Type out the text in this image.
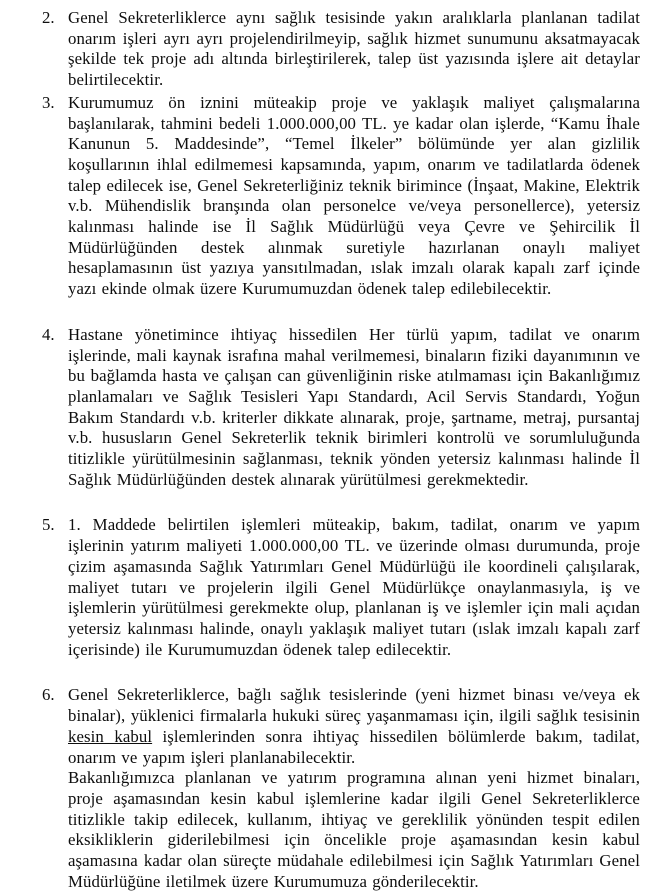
2. Genel Sekreterliklerce aynı sağlık tesisinde yakın aralıklarla planlanan tadilat onarım işleri ayrı ayrı projelendirilmeyip, sağlık hizmet sunumunu aksatmayacak şekilde tek proje adı altında birleştirilerek, talep üst yazısında işlere ait detaylar belirtilecektir.
3. Kurumumuz ön iznini müteakip proje ve yaklaşık maliyet çalışmalarına başlanılarak, tahmini bedeli 1.000.000,00 TL. ye kadar olan işlerde, “Kamu İhale Kanunun 5. Maddesinde”, “Temel İlkeler” bölümünde yer alan gizlilik koşullarının ihlal edilmemesi kapsamında, yapım, onarım ve tadilatlarda ödenek talep edilecek ise, Genel Sekreterliğiniz teknik birimince (İnşaat, Makine, Elektrik v.b. Mühendislik branşında olan personelce ve/veya personellerce), yetersiz kalınması halinde ise İl Sağlık Müdürlüğü veya Çevre ve Şehircilik İl Müdürlüğünden destek alınmak suretiyle hazırlanan onaylı maliyet hesaplamasının üst yazıya yansıtılmadan, ıslak imzalı olarak kapalı zarf içinde yazı ekinde olmak üzere Kurumumuzdan ödenek talep edilebilecektir.
4. Hastane yönetimince ihtiyaç hissedilen Her türlü yapım, tadilat ve onarım işlerinde, mali kaynak israfına mahal verilmemesi, binaların fiziki dayanımının ve bu bağlamda hasta ve çalışan can güvenliğinin riske atılmaması için Bakanlığımız planlamaları ve Sağlık Tesisleri Yapı Standardı, Acil Servis Standardı, Yoğun Bakım Standardı v.b. kriterler dikkate alınarak, proje, şartname, metraj, pursantaj v.b. hususların Genel Sekreterlik teknik birimleri kontrolü ve sorumluluğunda titizlikle yürütülmesinin sağlanması, teknik yönden yetersiz kalınması halinde İl Sağlık Müdürlüğünden destek alınarak yürütülmesi gerekmektedir.
5. 1. Maddede belirtilen işlemleri müteakip, bakım, tadilat, onarım ve yapım işlerinin yatırım maliyeti 1.000.000,00 TL. ve üzerinde olması durumunda, proje çizim aşamasında Sağlık Yatırımları Genel Müdürlüğü ile koordineli çalışılarak, maliyet tutarı ve projelerin ilgili Genel Müdürlükçe onaylanmasıyla, iş ve işlemlerin yürütülmesi gerekmekte olup, planlanan iş ve işlemler için mali açıdan yetersiz kalınması halinde, onaylı yaklaşık maliyet tutarı (ıslak imzalı kapalı zarf içerisinde) ile Kurumumuzdan ödenek talep edilecektir.
6. Genel Sekreterliklerce, bağlı sağlık tesislerinde (yeni hizmet binası ve/veya ek binalar), yüklenici firmalarla hukuki süreç yaşanmaması için, ilgili sağlık tesisinin kesin kabul işlemlerinden sonra ihtiyaç hissedilen bölümlerde bakım, tadilat, onarım ve yapım işleri planlanabilecektir.

Bakanlığımızca planlanan ve yatırım programına alınan yeni hizmet binaları, proje aşamasından kesin kabul işlemlerine kadar ilgili Genel Sekreterliklerce titizlikle takip edilecek, kullanım, ihtiyaç ve gereklilik yönünden tespit edilen eksikliklerin giderilebilmesi için öncelikle proje aşamasından kesin kabul aşamasına kadar olan süreçte müdahale edilebilmesi için Sağlık Yatırımları Genel Müdürlüğüne iletilmek üzere Kurumumuza gönderilecektir.
